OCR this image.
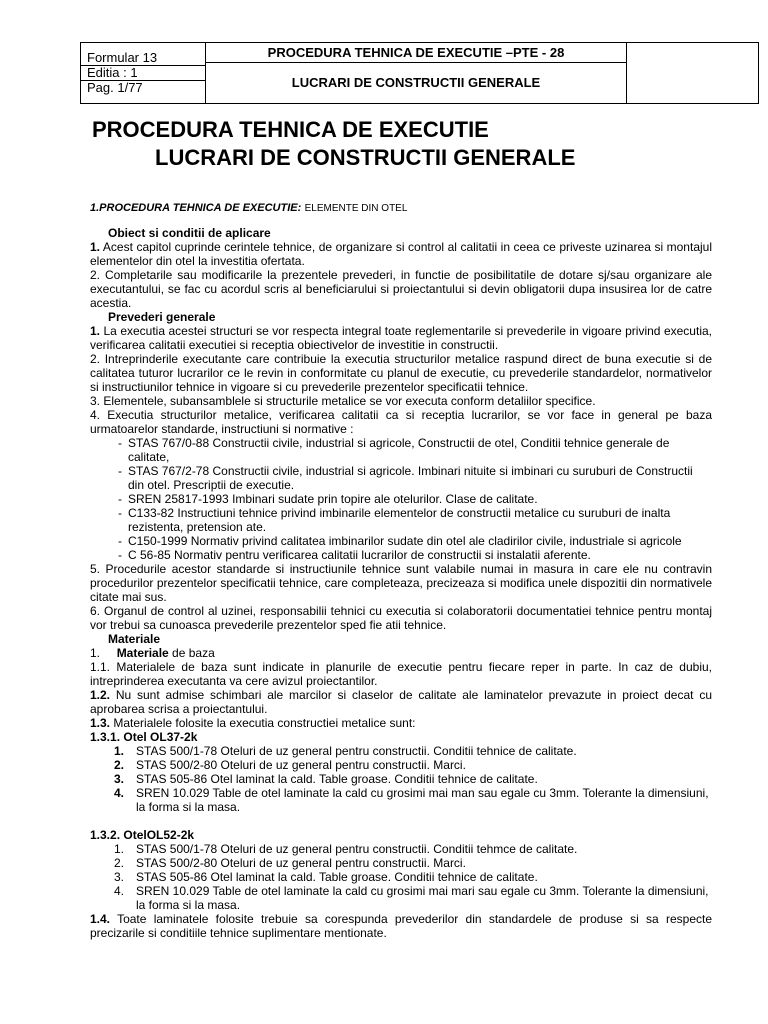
Formular 13
Editia : 1
Pag. 1/77

PROCEDURA TEHNICA DE EXECUTIE –PTE - 28
LUCRARI DE CONSTRUCTII GENERALE

PROCEDURA TEHNICA DE EXECUTIE
LUCRARI DE CONSTRUCTII GENERALE

1.PROCEDURA TEHNICA DE EXECUTIE: ELEMENTE DIN OTEL

Obiect si conditii de aplicare

1. Acest capitol cuprinde cerintele tehnice, de organizare si control al calitatii in ceea ce priveste uzinarea si montajul elementelor din otel la investitia ofertata.

2. Completarile sau modificarile la prezentele prevederi, in functie de posibilitatile de dotare sj/sau organizare ale executantului, se fac cu acordul scris al beneficiarului si proiectantului si devin obligatorii dupa insusirea lor de catre acestia.

Prevederi generale

1. La executia acestei structuri se vor respecta integral toate reglementarile si prevederile in vigoare privind executia, verificarea calitatii executiei si receptia obiectivelor de investitie in constructii.

2. Intreprinderile executante care contribuie la executia structurilor metalice raspund direct de buna executie si de calitatea tuturor lucrarilor ce le revin in conformitate cu planul de executie, cu prevederile standardelor, normativelor si instructiunilor tehnice in vigoare si cu prevederile prezentelor specificatii tehnice.

3. Elementele, subansamblele si structurile metalice se vor executa conform detaliilor specifice.

4. Executia structurilor metalice, verificarea calitatii ca si receptia lucrarilor, se vor face in general pe baza urmatoarelor standarde, instructiuni si normative :

- STAS 767/0-88 Constructii civile, industrial si agricole, Constructii de otel, Conditii tehnice generale de calitate,
- STAS 767/2-78 Constructii civile, industrial si agricole. Imbinari nituite si imbinari cu suruburi de Constructii din otel. Prescriptii de executie.
- SREN 25817-1993 Imbinari sudate prin topire ale otelurilor. Clase de calitate.
- C133-82 Instructiuni tehnice privind imbinarile elementelor de constructii metalice cu suruburi de inalta rezistenta, pretension ate.
- C150-1999 Normativ privind calitatea imbinarilor sudate din otel ale cladirilor civile, industriale si agricole
- C 56-85 Normativ pentru verificarea calitatii lucrarilor de constructii si instalatii aferente.

5. Procedurile acestor standarde si instructiunile tehnice sunt valabile numai in masura in care ele nu contravin procedurilor prezentelor specificatii tehnice, care completeaza, precizeaza si modifica unele dispozitii din normativele citate mai sus.

6. Organul de control al uzinei, responsabilii tehnici cu executia si colaboratorii documentatiei tehnice pentru montaj vor trebui sa cunoasca prevederile prezentelor sped fie atii tehnice.

Materiale

1. Materiale de baza

1.1. Materialele de baza sunt indicate in planurile de executie pentru fiecare reper in parte. In caz de dubiu, intreprinderea executanta va cere avizul proiectantilor.

1.2. Nu sunt admise schimbari ale marcilor si claselor de calitate ale laminatelor prevazute in proiect decat cu aprobarea scrisa a proiectantului.

1.3. Materialele folosite la executia constructiei metalice sunt:

1.3.1. Otel OL37-2k

1. STAS 500/1-78 Oteluri de uz general pentru constructii. Conditii tehnice de calitate.
2. STAS 500/2-80 Oteluri de uz general pentru constructii. Marci.
3. STAS 505-86 Otel laminat la cald. Table groase. Conditii tehnice de calitate.
4. SREN 10.029 Table de otel laminate la cald cu grosimi mai man sau egale cu 3mm. Tolerante la dimensiuni, la forma si la masa.

1.3.2. OtelOL52-2k

1. STAS 500/1-78 Oteluri de uz general pentru constructii. Conditii tehmce de calitate.
2. STAS 500/2-80 Oteluri de uz general pentru constructii. Marci.
3. STAS 505-86 Otel laminat la cald. Table groase. Conditii tehnice de calitate.
4. SREN 10.029 Table de otel laminate la cald cu grosimi mai mari sau egale cu 3mm. Tolerante la dimensiuni, la forma si la masa.

1.4. Toate laminatele folosite trebuie sa corespunda prevederilor din standardele de produse si sa respecte precizarile si conditiile tehnice suplimentare mentionate.
